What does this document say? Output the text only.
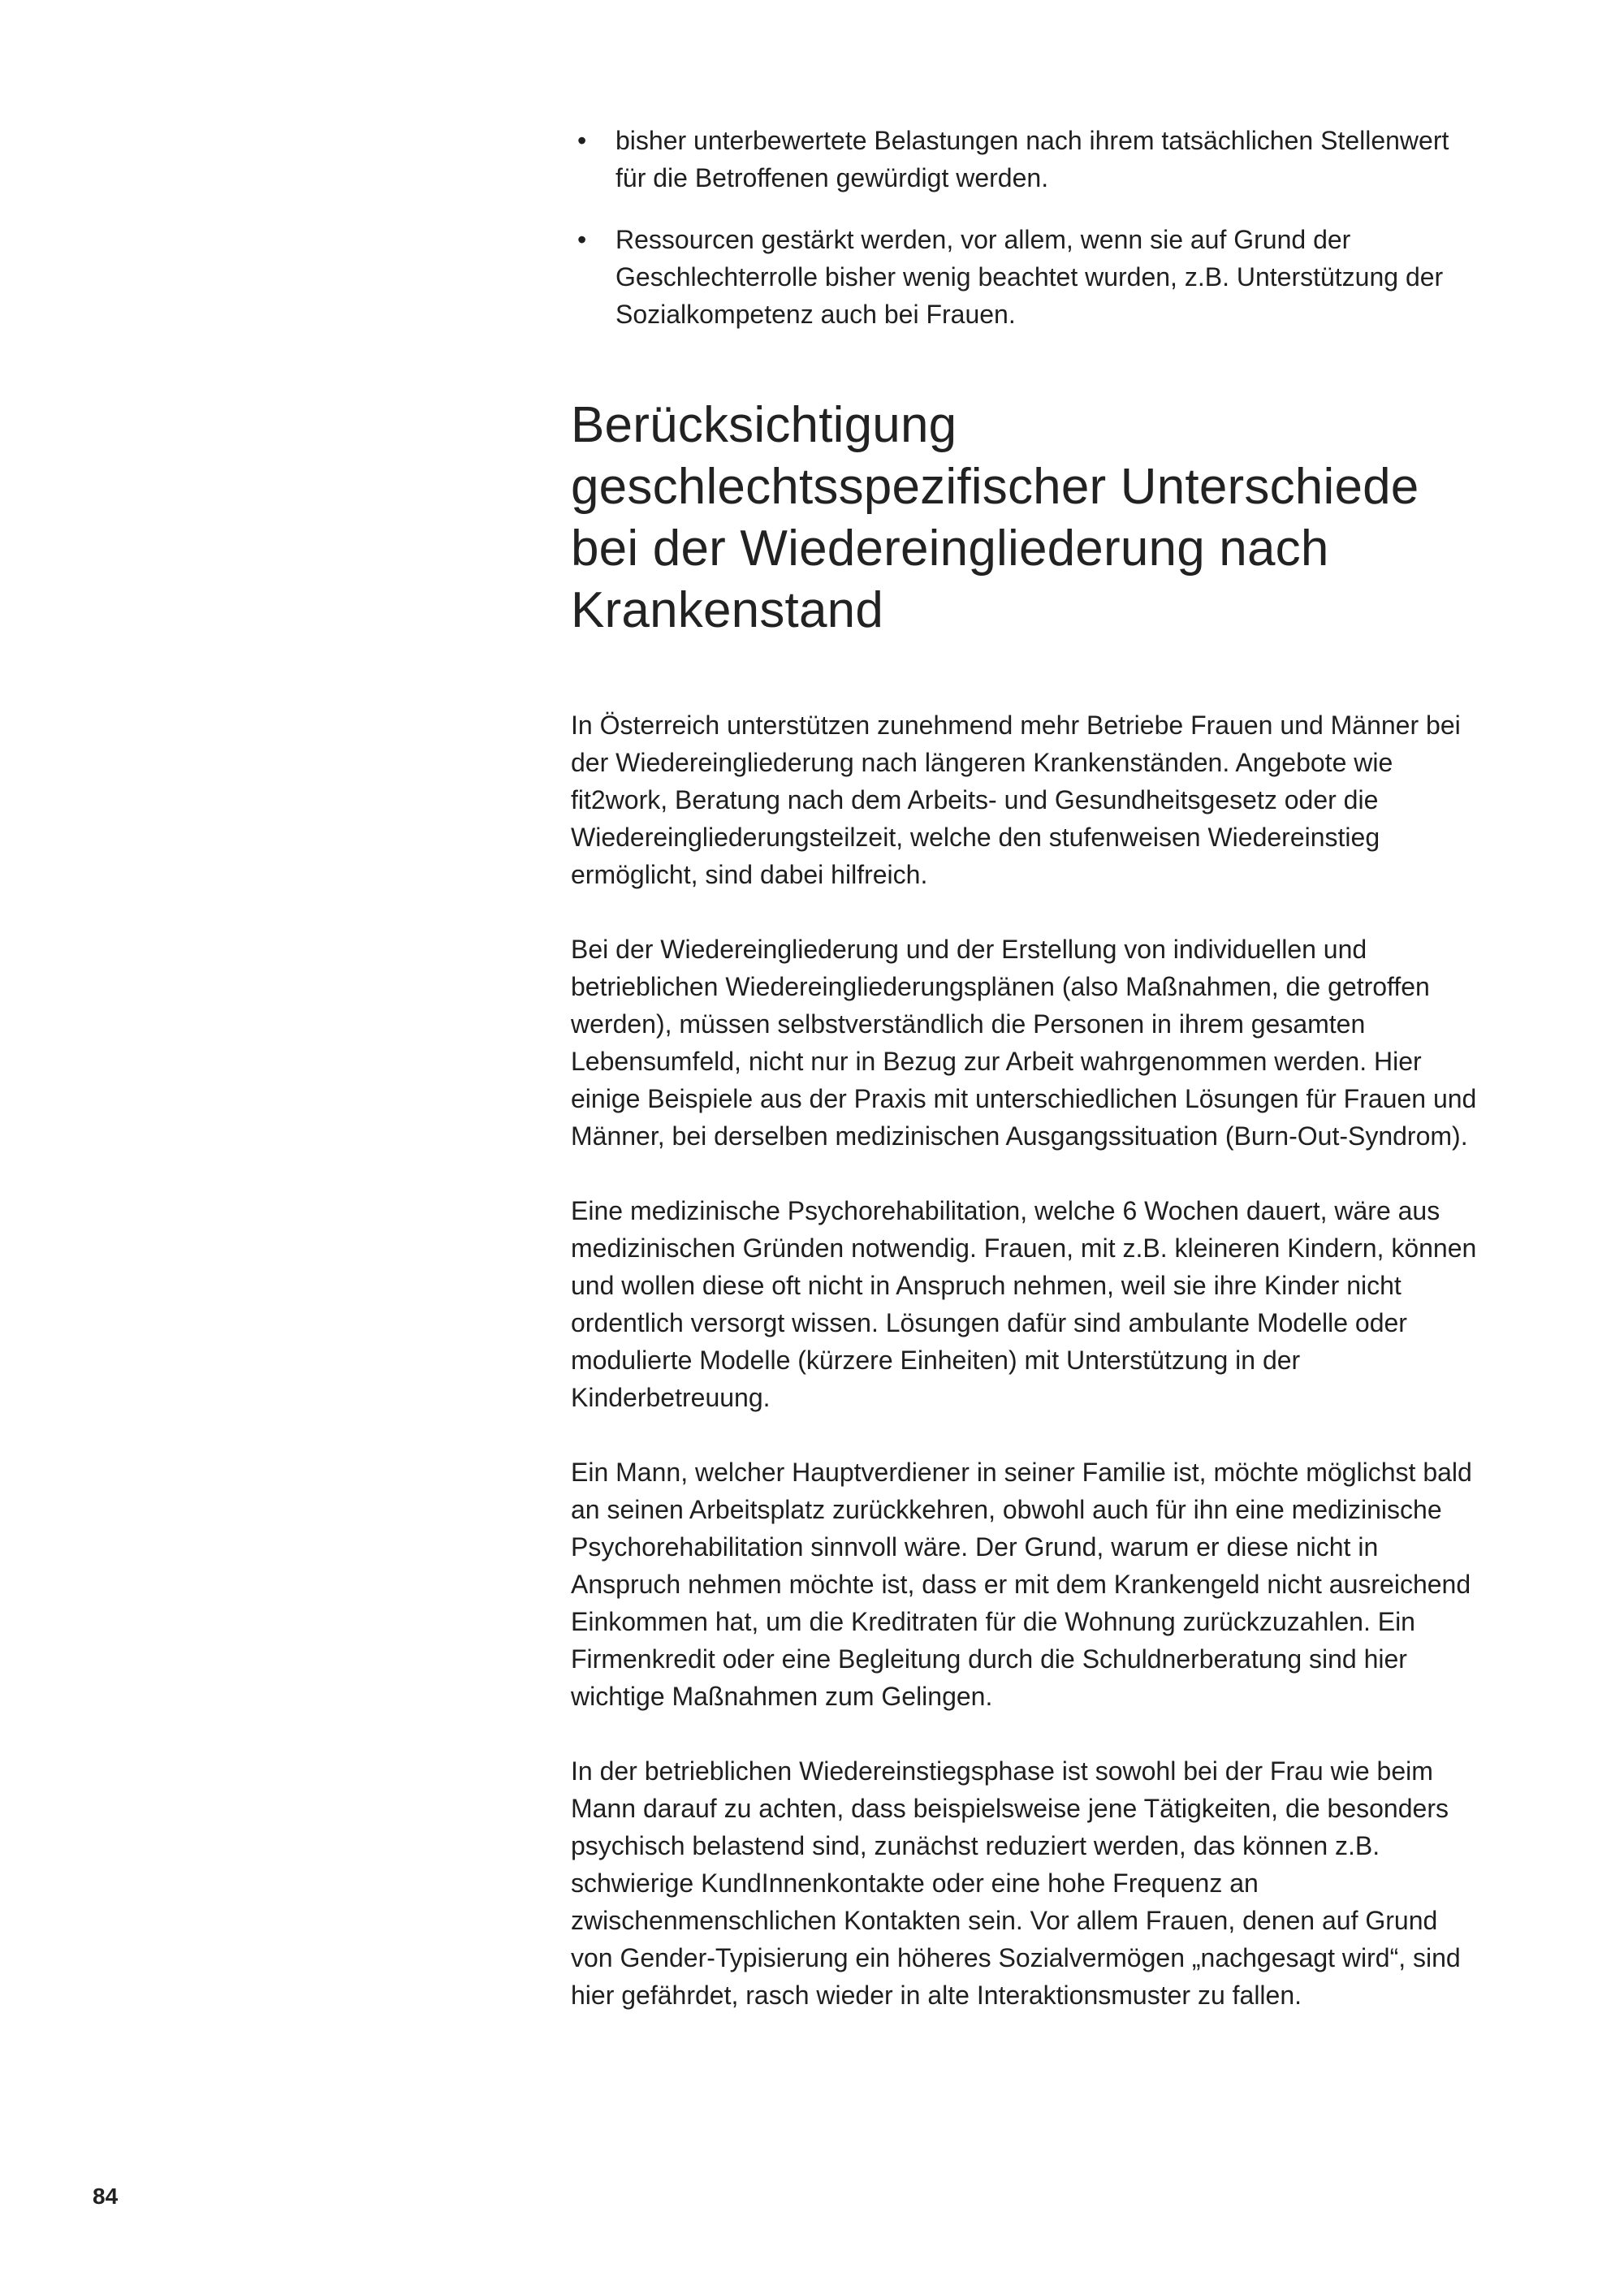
• bisher unterbewertete Belastungen nach ihrem tatsächlichen Stellenwert für die Betroffenen gewürdigt werden.
• Ressourcen gestärkt werden, vor allem, wenn sie auf Grund der Geschlechterrolle bisher wenig beachtet wurden, z.B. Unterstützung der Sozialkompetenz auch bei Frauen.
Berücksichtigung geschlechtsspezifischer Unterschiede bei der Wiedereingliederung nach Krankenstand

In Österreich unterstützen zunehmend mehr Betriebe Frauen und Männer bei der Wiedereingliederung nach längeren Krankenständen. Angebote wie fit2work, Beratung nach dem Arbeits- und Gesundheitsgesetz oder die Wiedereingliederungsteilzeit, welche den stufenweisen Wiedereinstieg ermöglicht, sind dabei hilfreich.

Bei der Wiedereingliederung und der Erstellung von individuellen und betrieblichen Wiedereingliederungsplänen (also Maßnahmen, die getroffen werden), müssen selbstverständlich die Personen in ihrem gesamten Lebensumfeld, nicht nur in Bezug zur Arbeit wahrgenommen werden. Hier einige Beispiele aus der Praxis mit unterschiedlichen Lösungen für Frauen und Männer, bei derselben medizinischen Ausgangssituation (Burn-Out-Syndrom).

Eine medizinische Psychorehabilitation, welche 6 Wochen dauert, wäre aus medizinischen Gründen notwendig. Frauen, mit z.B. kleineren Kindern, können und wollen diese oft nicht in Anspruch nehmen, weil sie ihre Kinder nicht ordentlich versorgt wissen. Lösungen dafür sind ambulante Modelle oder modulierte Modelle (kürzere Einheiten) mit Unterstützung in der Kinderbetreuung.

Ein Mann, welcher Hauptverdiener in seiner Familie ist, möchte möglichst bald an seinen Arbeitsplatz zurückkehren, obwohl auch für ihn eine medizinische Psychorehabilitation sinnvoll wäre. Der Grund, warum er diese nicht in Anspruch nehmen möchte ist, dass er mit dem Krankengeld nicht ausreichend Einkommen hat, um die Kreditraten für die Wohnung zurückzuzahlen. Ein Firmenkredit oder eine Begleitung durch die Schuldnerberatung sind hier wichtige Maßnahmen zum Gelingen.

In der betrieblichen Wiedereinstiegsphase ist sowohl bei der Frau wie beim Mann darauf zu achten, dass beispielsweise jene Tätigkeiten, die besonders psychisch belastend sind, zunächst reduziert werden, das können z.B. schwierige KundInnenkontakte oder eine hohe Frequenz an zwischenmenschlichen Kontakten sein. Vor allem Frauen, denen auf Grund von Gender-Typisierung ein höheres Sozialvermögen „nachgesagt wird“, sind hier gefährdet, rasch wieder in alte Interaktionsmuster zu fallen.

84
